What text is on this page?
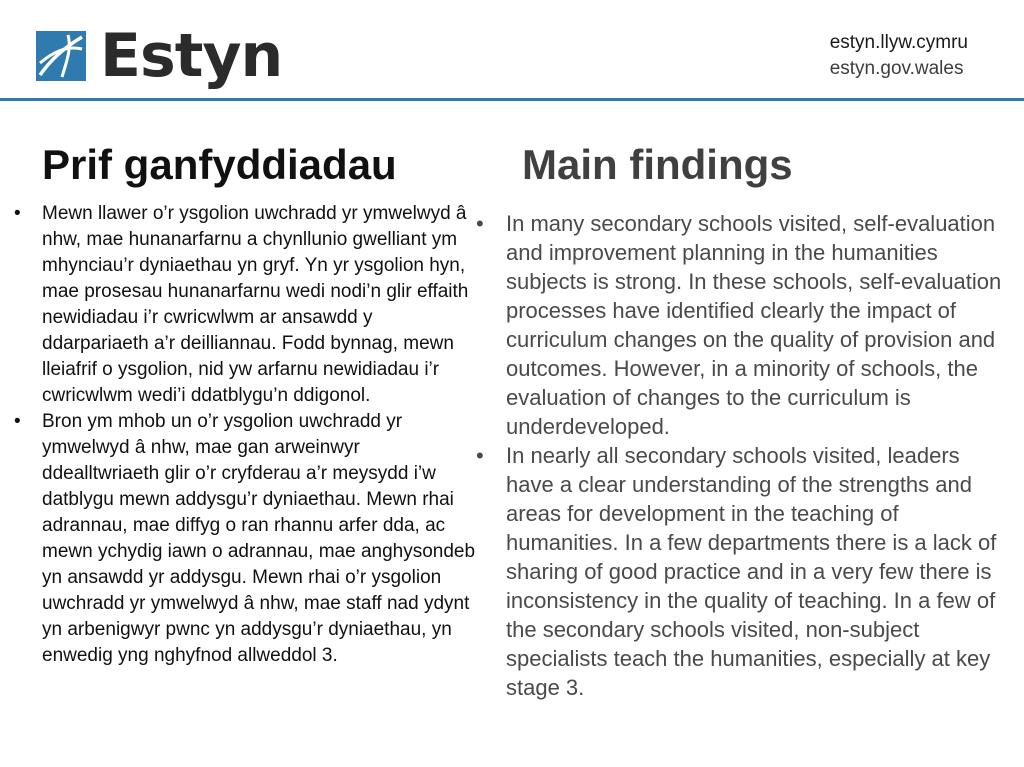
Estyn	estyn.llyw.cymru
estyn.gov.wales
Prif ganfyddiadau	Main findings
• Mewn llawer o’r ysgolion uwchradd yr ymwelwyd â nhw, mae hunanarfarnu a chynllunio gwelliant ym mhynciau’r dyniaethau yn gryf. Yn yr ysgolion hyn, mae prosesau hunanarfarnu wedi nodi’n glir effaith newidiadau i’r cwricwlwm ar ansawdd y ddarpariaeth a’r deilliannau. Fodd bynnag, mewn lleiafrif o ysgolion, nid yw arfarnu newidiadau i’r cwricwlwm wedi’i ddatblygu’n ddigonol.
• Bron ym mhob un o’r ysgolion uwchradd yr ymwelwyd â nhw, mae gan arweinwyr ddealltwriaeth glir o’r cryfderau a’r meysydd i’w datblygu mewn addysgu’r dyniaethau. Mewn rhai adrannau, mae diffyg o ran rhannu arfer dda, ac mewn ychydig iawn o adrannau, mae anghysondeb yn ansawdd yr addysgu. Mewn rhai o’r ysgolion uwchradd yr ymwelwyd â nhw, mae staff nad ydynt yn arbenigwyr pwnc yn addysgu’r dyniaethau, yn enwedig yng nghyfnod allweddol 3.
• In many secondary schools visited, self-evaluation and improvement planning in the humanities subjects is strong. In these schools, self-evaluation processes have identified clearly the impact of curriculum changes on the quality of provision and outcomes. However, in a minority of schools, the evaluation of changes to the curriculum is underdeveloped.
• In nearly all secondary schools visited, leaders have a clear understanding of the strengths and areas for development in the teaching of humanities. In a few departments there is a lack of sharing of good practice and in a very few there is inconsistency in the quality of teaching. In a few of the secondary schools visited, non-subject specialists teach the humanities, especially at key stage 3.
